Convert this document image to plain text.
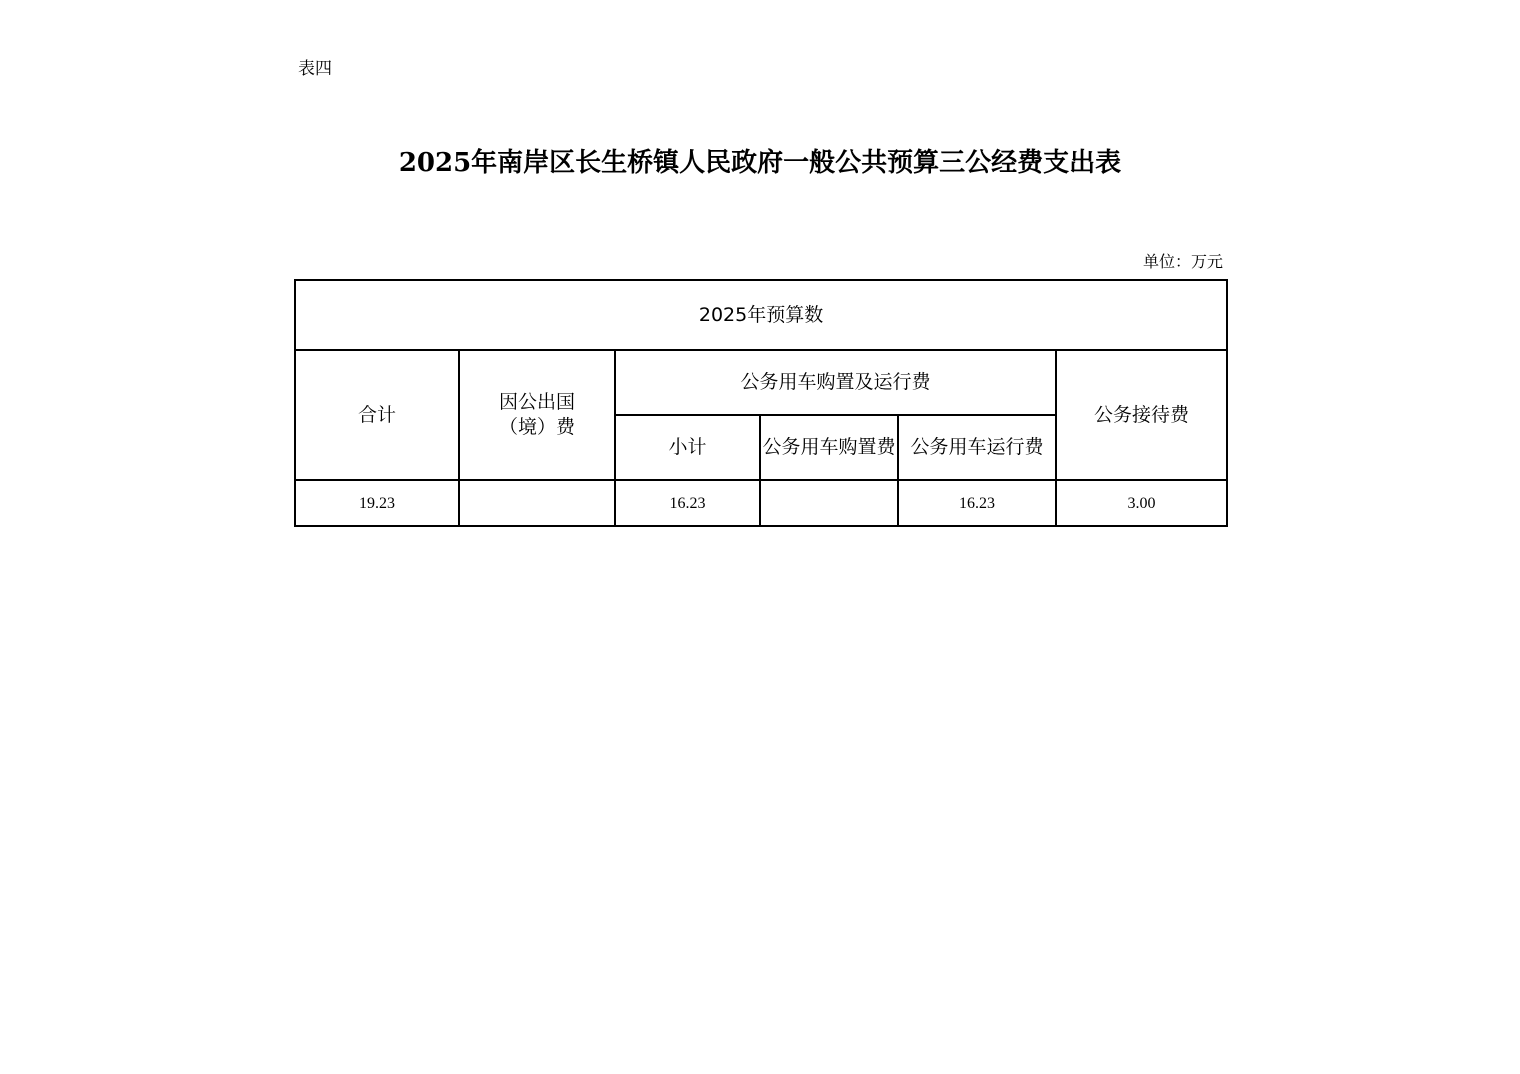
表四
2025年南岸区长生桥镇人民政府一般公共预算三公经费支出表
单位：万元
2025年预算数					
合计	因公出国（境）费	公务用车购置及运行费			公务接待费
		小计	公务用车购置费	公务用车运行费	
19.23		16.23		16.23	3.00
